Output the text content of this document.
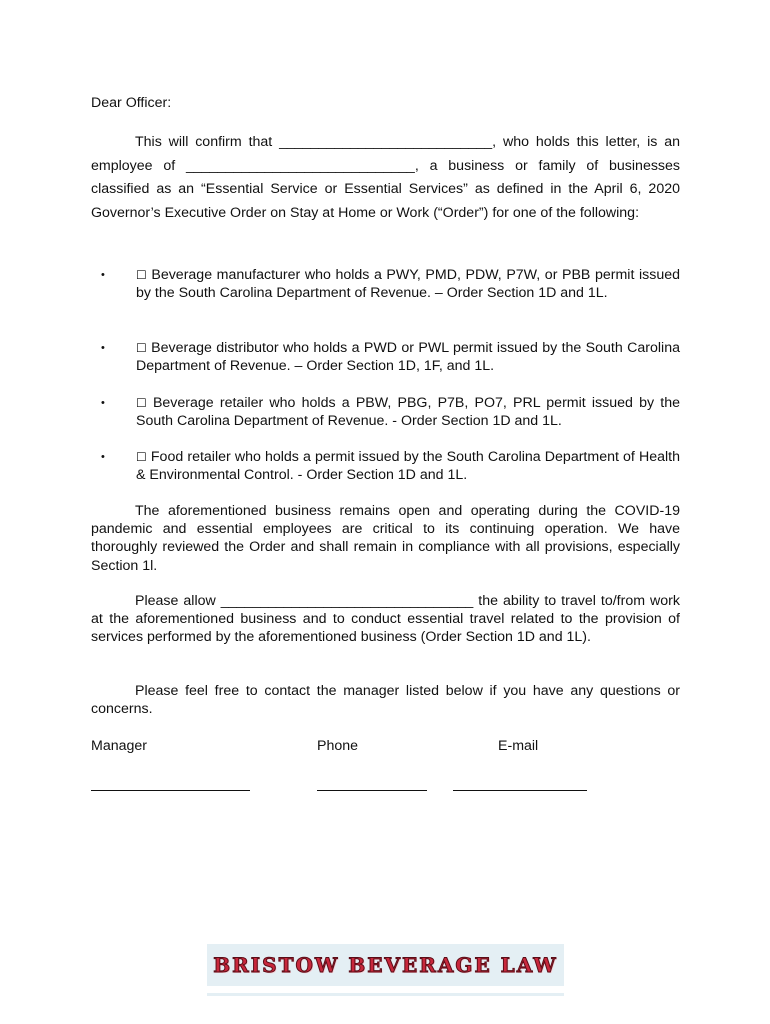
Dear Officer:

This will confirm that ___________________________, who holds this letter, is an employee of _____________________________, a business or family of businesses classified as an “Essential Service or Essential Services” as defined in the April 6, 2020 Governor’s Executive Order on Stay at Home or Work (“Order”) for one of the following:

•	☐ Beverage manufacturer who holds a PWY, PMD, PDW, P7W, or PBB permit issued by the South Carolina Department of Revenue. – Order Section 1D and 1L.
•	☐ Beverage distributor who holds a PWD or PWL permit issued by the South Carolina Department of Revenue. – Order Section 1D, 1F, and 1L.
•	☐ Beverage retailer who holds a PBW, PBG, P7B, PO7, PRL permit issued by the South Carolina Department of Revenue. - Order Section 1D and 1L.
•	☐ Food retailer who holds a permit issued by the South Carolina Department of Health & Environmental Control. - Order Section 1D and 1L.

The aforementioned business remains open and operating during the COVID-19 pandemic and essential employees are critical to its continuing operation. We have thoroughly reviewed the Order and shall remain in compliance with all provisions, especially Section 1l.

Please allow ________________________________ the ability to travel to/from work at the aforementioned business and to conduct essential travel related to the provision of services performed by the aforementioned business (Order Section 1D and 1L).

Please feel free to contact the manager listed below if you have any questions or concerns.

Manager	Phone	E-mail
BRISTOW BEVERAGE LAW
